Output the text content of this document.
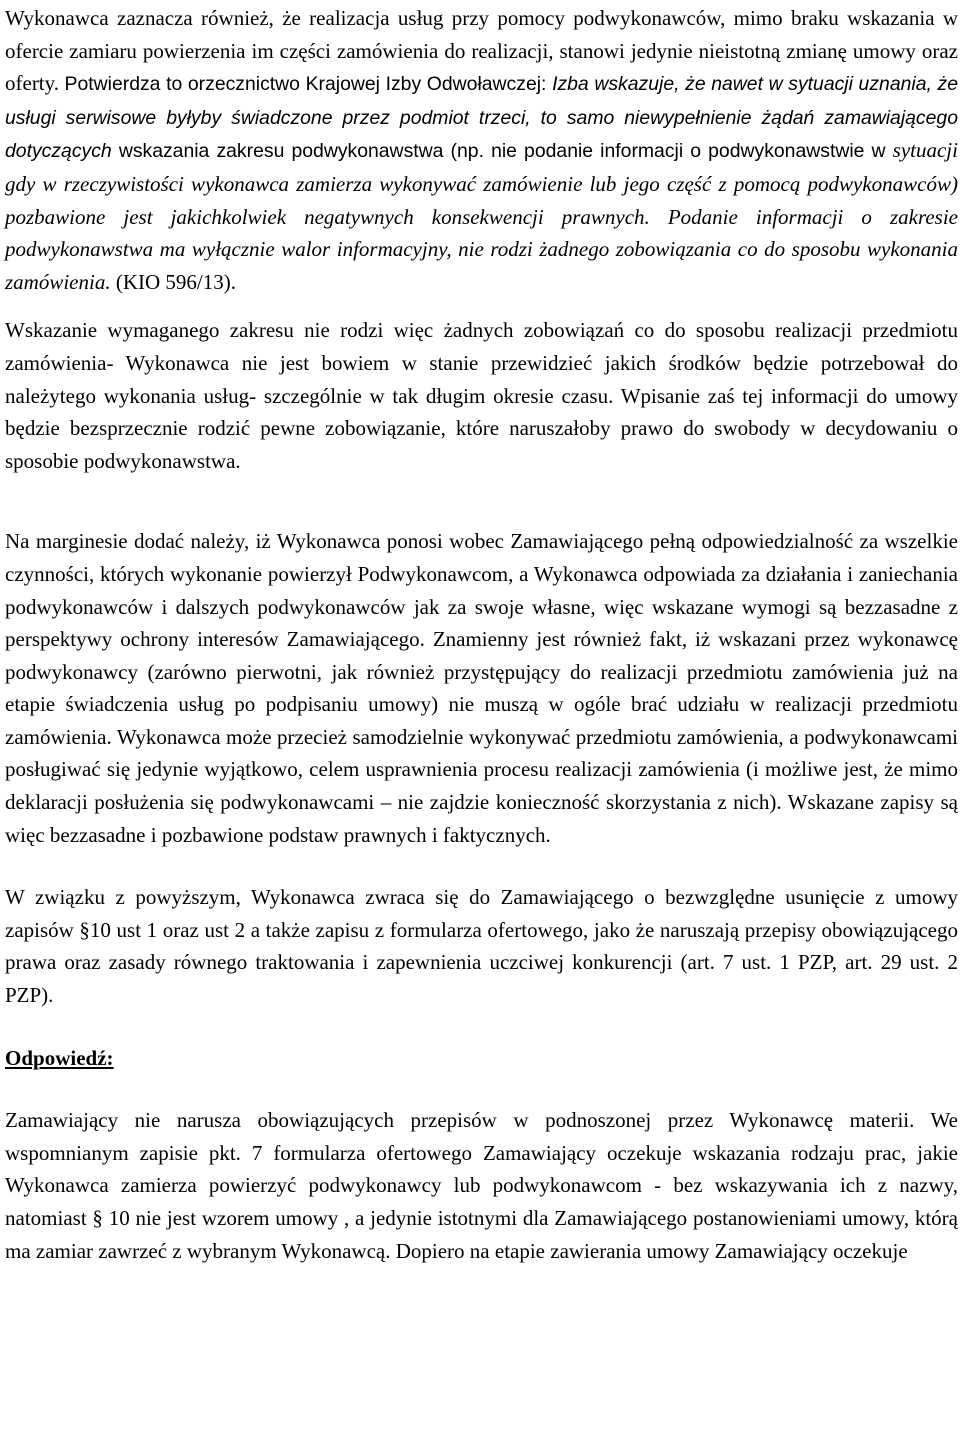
Wykonawca zaznacza również, że realizacja usług przy pomocy podwykonawców, mimo braku wskazania w ofercie zamiaru powierzenia im części zamówienia do realizacji, stanowi jedynie nieistotną zmianę umowy oraz oferty. Potwierdza to orzecznictwo Krajowej Izby Odwoławczej: Izba wskazuje, że nawet w sytuacji uznania, że usługi serwisowe byłyby świadczone przez podmiot trzeci, to samo niewypełnienie żądań zamawiającego dotyczących wskazania zakresu podwykonawstwa (np. nie podanie informacji o podwykonawstwie w sytuacji gdy w rzeczywistości wykonawca zamierza wykonywać zamówienie lub jego część z pomocą podwykonawców) pozbawione jest jakichkolwiek negatywnych konsekwencji prawnych. Podanie informacji o zakresie podwykonawstwa ma wyłącznie walor informacyjny, nie rodzi żadnego zobowiązania co do sposobu wykonania zamówienia. (KIO 596/13).

Wskazanie wymaganego zakresu nie rodzi więc żadnych zobowiązań co do sposobu realizacji przedmiotu zamówienia- Wykonawca nie jest bowiem w stanie przewidzieć jakich środków będzie potrzebował do należytego wykonania usług- szczególnie w tak długim okresie czasu. Wpisanie zaś tej informacji do umowy będzie bezsprzecznie rodzić pewne zobowiązanie, które naruszałoby prawo do swobody w decydowaniu o sposobie podwykonawstwa.

Na marginesie dodać należy, iż Wykonawca ponosi wobec Zamawiającego pełną odpowiedzialność za wszelkie czynności, których wykonanie powierzył Podwykonawcom, a Wykonawca odpowiada za działania i zaniechania podwykonawców i dalszych podwykonawców jak za swoje własne, więc wskazane wymogi są bezzasadne z perspektywy ochrony interesów Zamawiającego. Znamienny jest również fakt, iż wskazani przez wykonawcę podwykonawcy (zarówno pierwotni, jak również przystępujący do realizacji przedmiotu zamówienia już na etapie świadczenia usług po podpisaniu umowy) nie muszą w ogóle brać udziału w realizacji przedmiotu zamówienia. Wykonawca może przecież samodzielnie wykonywać przedmiotu zamówienia, a podwykonawcami posługiwać się jedynie wyjątkowo, celem usprawnienia procesu realizacji zamówienia (i możliwe jest, że mimo deklaracji posłużenia się podwykonawcami – nie zajdzie konieczność skorzystania z nich). Wskazane zapisy są więc bezzasadne i pozbawione podstaw prawnych i faktycznych.

W związku z powyższym, Wykonawca zwraca się do Zamawiającego o bezwzględne usunięcie z umowy zapisów §10 ust 1 oraz ust 2 a także zapisu z formularza ofertowego, jako że naruszają przepisy obowiązującego prawa oraz zasady równego traktowania i zapewnienia uczciwej konkurencji (art. 7 ust. 1 PZP, art. 29 ust. 2 PZP).

Odpowiedź:

Zamawiający nie narusza obowiązujących przepisów w podnoszonej przez Wykonawcę materii. We wspomnianym zapisie pkt. 7 formularza ofertowego Zamawiający oczekuje wskazania rodzaju prac, jakie Wykonawca zamierza powierzyć podwykonawcy lub podwykonawcom - bez wskazywania ich z nazwy, natomiast § 10 nie jest wzorem umowy , a jedynie istotnymi dla Zamawiającego postanowieniami umowy, którą ma zamiar zawrzeć z wybranym Wykonawcą. Dopiero na etapie zawierania umowy Zamawiający oczekuje
